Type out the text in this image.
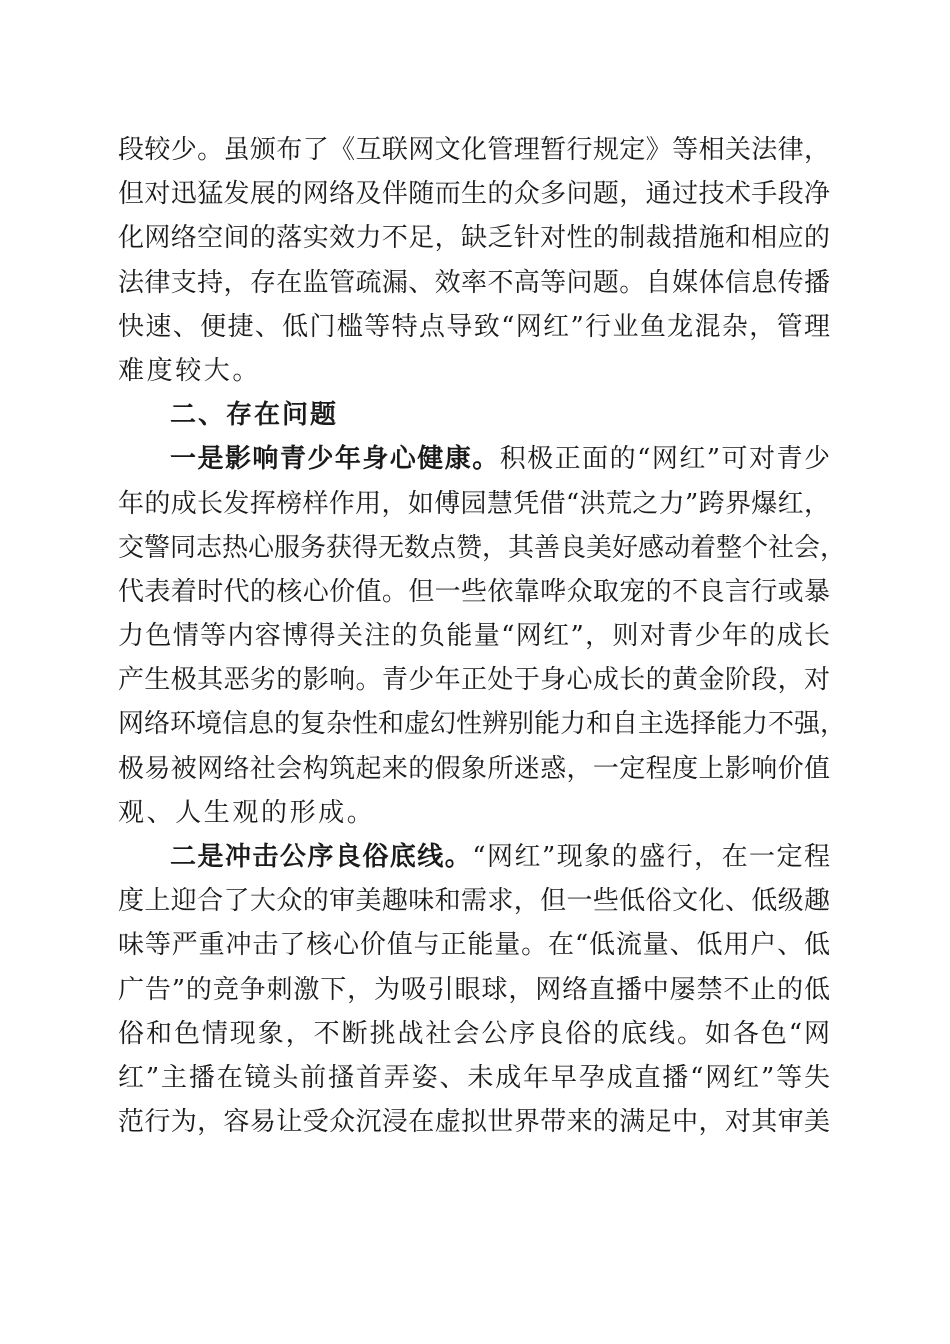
段较少。虽颁布了《互联网文化管理暂行规定》等相关法律，
但对迅猛发展的网络及伴随而生的众多问题，通过技术手段净
化网络空间的落实效力不足，缺乏针对性的制裁措施和相应的
法律支持，存在监管疏漏、效率不高等问题。自媒体信息传播
快速、便捷、低门槛等特点导致“网红”行业鱼龙混杂，管理
难度较大。
二、存在问题
一是影响青少年身心健康。积极正面的“网红”可对青少
年的成长发挥榜样作用，如傅园慧凭借“洪荒之力”跨界爆红，
交警同志热心服务获得无数点赞，其善良美好感动着整个社会，
代表着时代的核心价值。但一些依靠哗众取宠的不良言行或暴
力色情等内容博得关注的负能量“网红”，则对青少年的成长
产生极其恶劣的影响。青少年正处于身心成长的黄金阶段，对
网络环境信息的复杂性和虚幻性辨别能力和自主选择能力不强，
极易被网络社会构筑起来的假象所迷惑，一定程度上影响价值
观、人生观的形成。
二是冲击公序良俗底线。“网红”现象的盛行，在一定程
度上迎合了大众的审美趣味和需求，但一些低俗文化、低级趣
味等严重冲击了核心价值与正能量。在“低流量、低用户、低
广告”的竞争刺激下，为吸引眼球，网络直播中屡禁不止的低
俗和色情现象，不断挑战社会公序良俗的底线。如各色“网
红”主播在镜头前搔首弄姿、未成年早孕成直播“网红”等失
范行为，容易让受众沉浸在虚拟世界带来的满足中，对其审美
